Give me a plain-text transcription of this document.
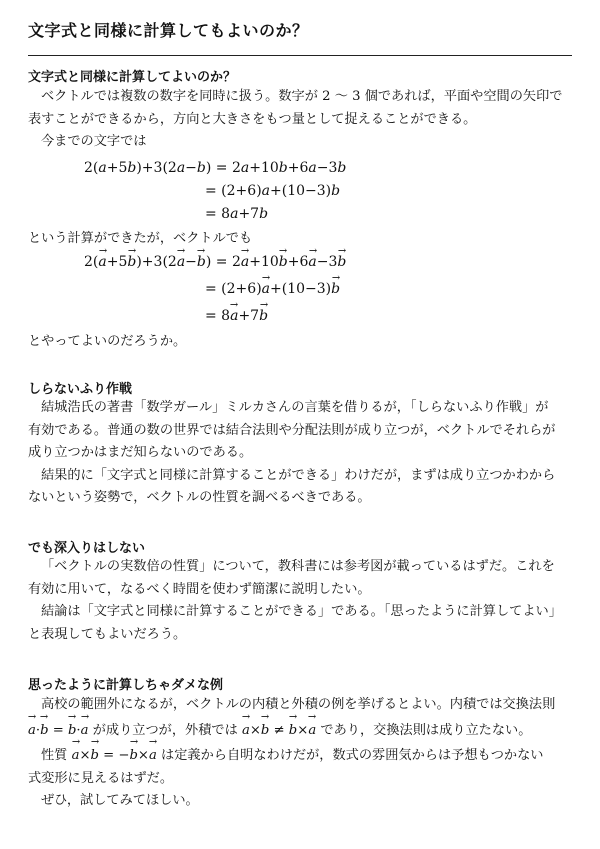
文字式と同様に計算してもよいのか？
文字式と同様に計算してよいのか？
ベクトルでは複数の数字を同時に扱う。数字が 2 ～ 3 個であれば，平面や空間の矢印で
表すことができるから，方向と大きさをもつ量として捉えることができる。
今までの文字では
2(a+5b)+3(2a−b) = 2a+10b+6a−3b
= (2+6)a+(10−3)b
= 8a+7b
という計算ができたが，ベクトルでも
2(→ a+5→ b)+3(2→ a−→ b) = 2→ a+10→ b+6→ a−3→ b
= (2+6)→ a+(10−3)→ b
= 8→ a+7→ b
とやってよいのだろうか。
しらないふり作戦
結城浩氏の著書「数学ガール」ミルカさんの言葉を借りるが，「しらないふり作戦」が
有効である。普通の数の世界では結合法則や分配法則が成り立つが，ベクトルでそれらが
成り立つかはまだ知らないのである。
結果的に「文字式と同様に計算することができる」わけだが，まずは成り立つかわから
ないという姿勢で，ベクトルの性質を調べるべきである。
でも深入りはしない
「ベクトルの実数倍の性質」について，教科書には参考図が載っているはずだ。これを
有効に用いて，なるべく時間を使わず簡潔に説明したい。
結論は「文字式と同様に計算することができる」である。「思ったように計算してよい」
と表現してもよいだろう。
思ったように計算しちゃダメな例
高校の範囲外になるが，ベクトルの内積と外積の例を挙げるとよい。内積では交換法則
→ a·→ b = → b·→ a が成り立つが，外積では → a×→ b ≠ → b×→ a であり，交換法則は成り立たない。
性質 → a×→ b = −→ b×→ a は定義から自明なわけだが，数式の雰囲気からは予想もつかない
式変形に見えるはずだ。
ぜひ，試してみてほしい。
